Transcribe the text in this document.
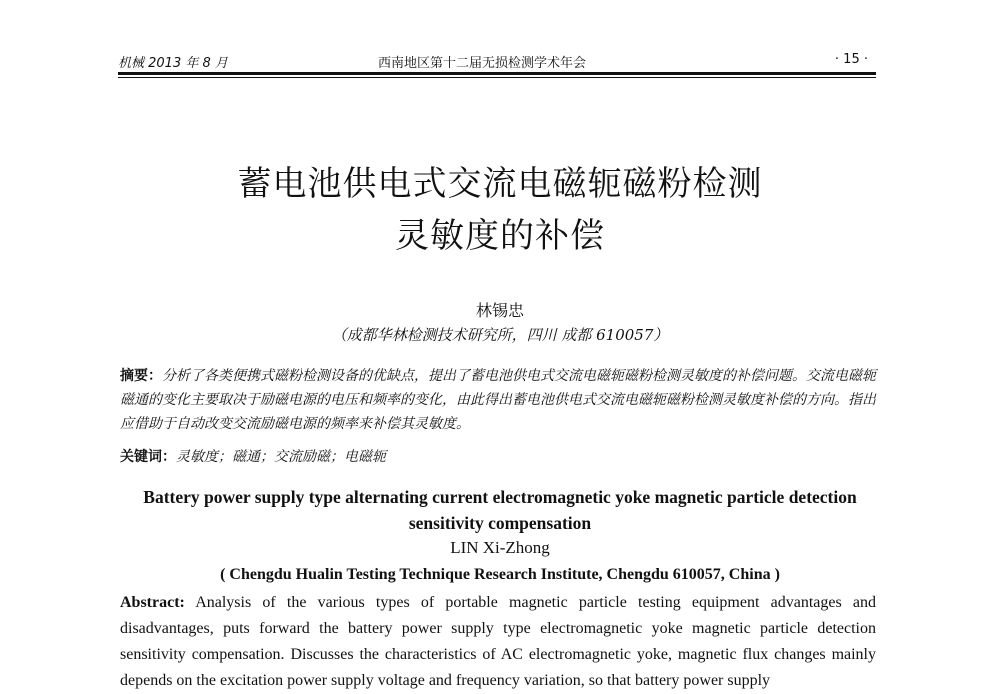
机械 2013 年 8 月	西南地区第十二届无损检测学术年会	· 15 ·
蓄电池供电式交流电磁轭磁粉检测
灵敏度的补偿
林锡忠
（成都华林检测技术研究所，四川 成都 610057）

摘要：分析了各类便携式磁粉检测设备的优缺点，提出了蓄电池供电式交流电磁轭磁粉检测灵敏度的补偿问题。交流电磁轭磁通的变化主要取决于励磁电源的电压和频率的变化，由此得出蓄电池供电式交流电磁轭磁粉检测灵敏度补偿的方向。指出应借助于自动改变交流励磁电源的频率来补偿其灵敏度。

关键词：灵敏度；磁通；交流励磁；电磁轭

Battery power supply type alternating current electromagnetic yoke magnetic particle detection sensitivity compensation

LIN Xi-Zhong
( Chengdu Hualin Testing Technique Research Institute, Chengdu 610057, China )

Abstract: Analysis of the various types of portable magnetic particle testing equipment advantages and disadvantages, puts forward the battery power supply type electromagnetic yoke magnetic particle detection sensitivity compensation. Discusses the characteristics of AC electromagnetic yoke, magnetic flux changes mainly depends on the excitation power supply voltage and frequency variation, so that battery power supply
